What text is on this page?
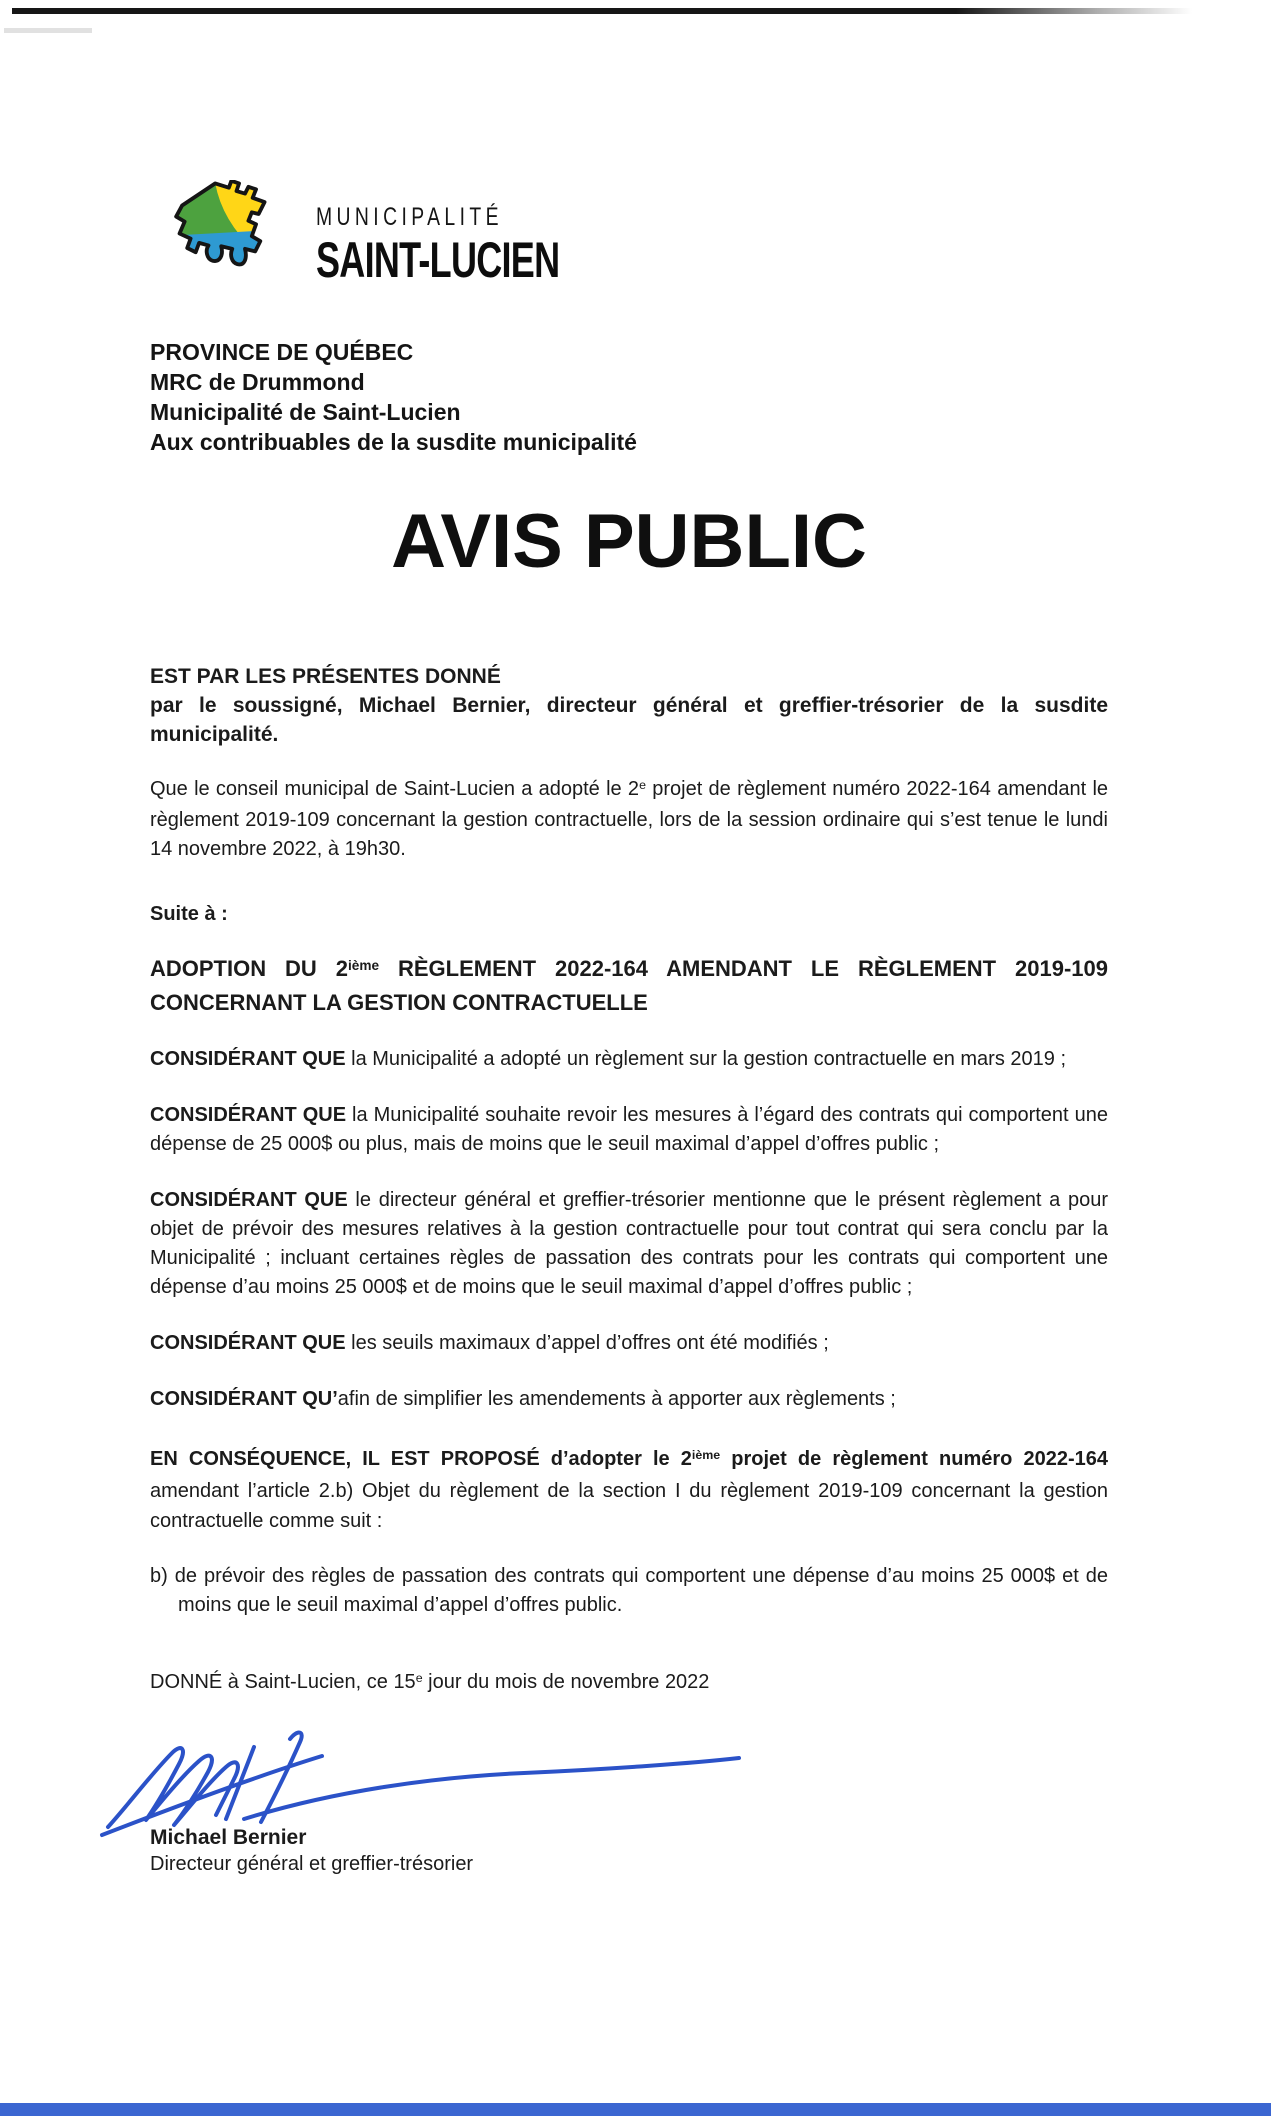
MUNICIPALITÉ
SAINT-LUCIEN
PROVINCE DE QUÉBEC
MRC de Drummond
Municipalité de Saint-Lucien
Aux contribuables de la susdite municipalité
AVIS PUBLIC
EST PAR LES PRÉSENTES DONNÉ
par le soussigné, Michael Bernier, directeur général et greffier-trésorier de la susdite municipalité.

Que le conseil municipal de Saint-Lucien a adopté le 2e projet de règlement numéro 2022-164 amendant le règlement 2019-109 concernant la gestion contractuelle, lors de la session ordinaire qui s’est tenue le lundi 14 novembre 2022, à 19h30.

Suite à :

ADOPTION DU 2ième RÈGLEMENT 2022-164 AMENDANT LE RÈGLEMENT 2019-109 CONCERNANT LA GESTION CONTRACTUELLE

CONSIDÉRANT QUE la Municipalité a adopté un règlement sur la gestion contractuelle en mars 2019 ;

CONSIDÉRANT QUE la Municipalité souhaite revoir les mesures à l’égard des contrats qui comportent une dépense de 25 000$ ou plus, mais de moins que le seuil maximal d’appel d’offres public ;

CONSIDÉRANT QUE le directeur général et greffier-trésorier mentionne que le présent règlement a pour objet de prévoir des mesures relatives à la gestion contractuelle pour tout contrat qui sera conclu par la Municipalité ; incluant certaines règles de passation des contrats pour les contrats qui comportent une dépense d’au moins 25 000$ et de moins que le seuil maximal d’appel d’offres public ;

CONSIDÉRANT QUE les seuils maximaux d’appel d’offres ont été modifiés ;

CONSIDÉRANT QU’afin de simplifier les amendements à apporter aux règlements ;

EN CONSÉQUENCE, IL EST PROPOSÉ d’adopter le 2ième projet de règlement numéro 2022-164 amendant l’article 2.b) Objet du règlement de la section I du règlement 2019-109 concernant la gestion contractuelle comme suit :

b) de prévoir des règles de passation des contrats qui comportent une dépense d’au moins 25 000$ et de moins que le seuil maximal d’appel d’offres public.

DONNÉ à Saint-Lucien, ce 15e jour du mois de novembre 2022

Michael Bernier
Directeur général et greffier-trésorier
